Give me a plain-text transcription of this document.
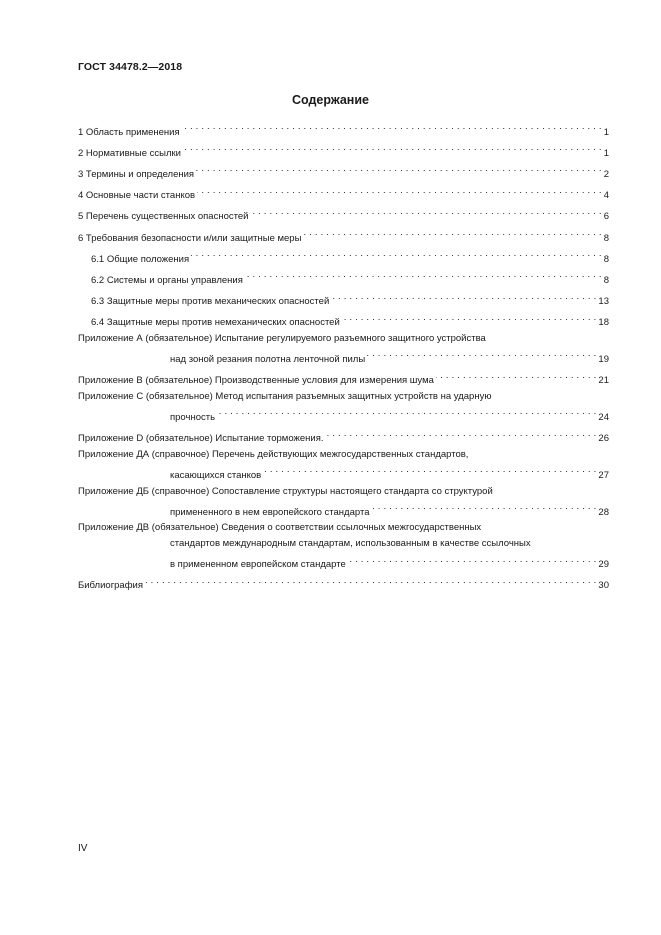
ГОСТ 34478.2—2018
Содержание
1 Область применения . . .	1
2 Нормативные ссылки . . .	1
3 Термины и определения . . .	2
4 Основные части станков . . .	4
5 Перечень существенных опасностей . . .	6
6 Требования безопасности и/или защитные меры . . .	8
6.1 Общие положения . . .	8
6.2 Системы и органы управления . . .	8
6.3 Защитные меры против механических опасностей . . .	13
6.4 Защитные меры против немеханических опасностей . . .	18
Приложение А (обязательное) Испытание регулируемого разъемного защитного устройства
над зоной резания полотна ленточной пилы . . .	19
Приложение В (обязательное) Производственные условия для измерения шума . . .	21
Приложение С (обязательное) Метод испытания разъемных защитных устройств на ударную
прочность . . .	24
Приложение D (обязательное) Испытание торможения. . . .	26
Приложение ДА (справочное) Перечень действующих межгосударственных стандартов,
касающихся станков . . .	27
Приложение ДБ (справочное) Сопоставление структуры настоящего стандарта со структурой
примененного в нем европейского стандарта . . .	28
Приложение ДВ (обязательное) Сведения о соответствии ссылочных межгосударственных
стандартов международным стандартам, использованным в качестве ссылочных
в примененном европейском стандарте . . .	29
Библиография . . .	30
IV
